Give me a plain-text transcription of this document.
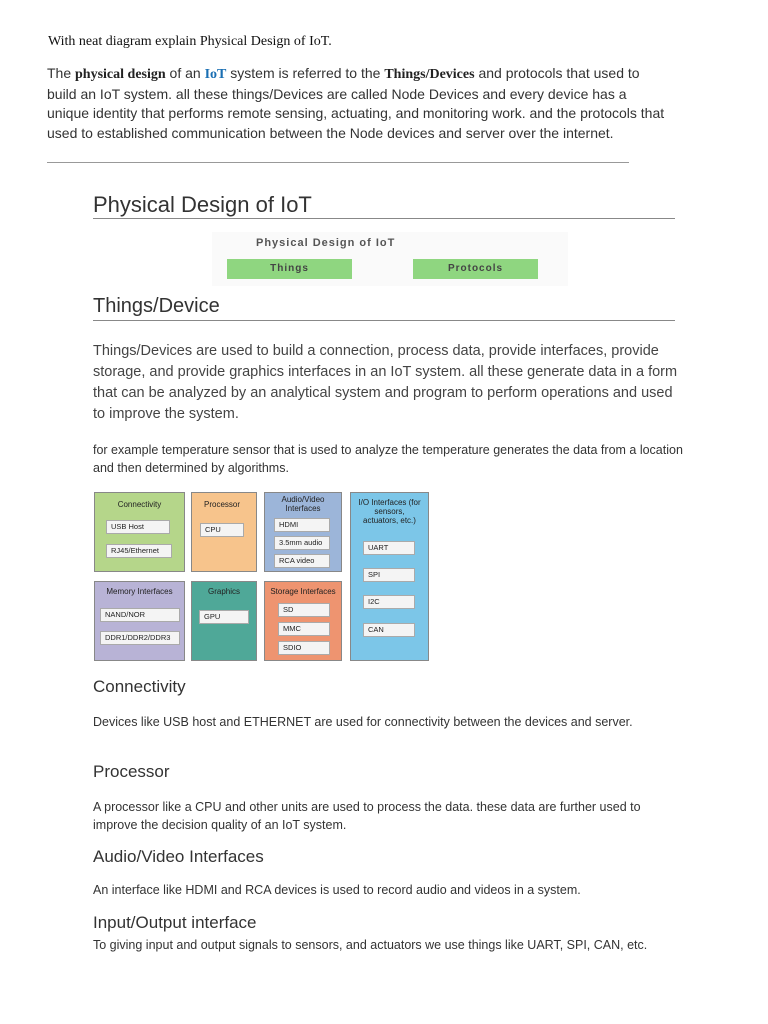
With neat diagram explain Physical Design of IoT.
The physical design of an IoT system is referred to the Things/Devices and protocols that used to build an IoT system. all these things/Devices are called Node Devices and every device has a unique identity that performs remote sensing, actuating, and monitoring work. and the protocols that used to established communication between the Node devices and server over the internet.
Physical Design of IoT
Physical Design of IoT
Things	Protocols
Things/Device
Things/Devices are used to build a connection, process data, provide interfaces, provide storage, and provide graphics interfaces in an IoT system. all these generate data in a form that can be analyzed by an analytical system and program to perform operations and used to improve the system.
for example temperature sensor that is used to analyze the temperature generates the data from a location and then determined by algorithms.
Connectivity
USB Host
RJ45/Ethernet
Processor
CPU
Audio/Video Interfaces
HDMI
3.5mm audio
RCA video
I/O Interfaces (for sensors, actuators, etc.)
UART
SPI
I2C
CAN
Memory Interfaces
NAND/NOR
DDR1/DDR2/DDR3
Graphics
GPU
Storage Interfaces
SD
MMC
SDIO
Connectivity
Devices like USB host and ETHERNET are used for connectivity between the devices and server.
Processor
A processor like a CPU and other units are used to process the data. these data are further used to improve the decision quality of an IoT system.
Audio/Video Interfaces
An interface like HDMI and RCA devices is used to record audio and videos in a system.
Input/Output interface
To giving input and output signals to sensors, and actuators we use things like UART, SPI, CAN, etc.
